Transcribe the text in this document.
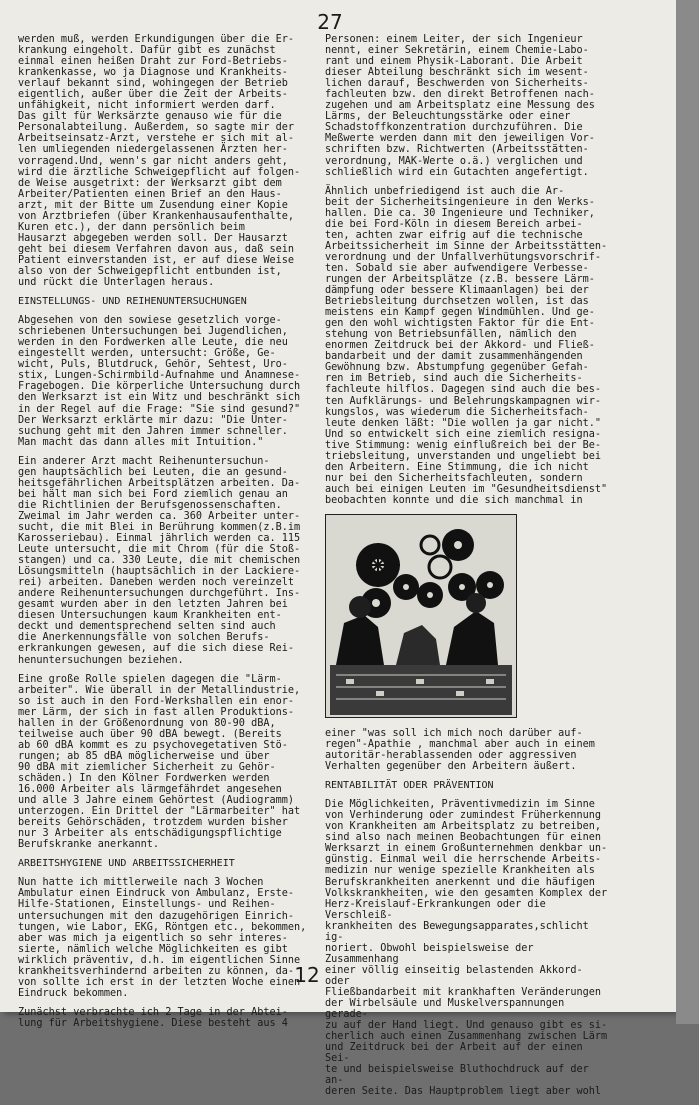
27

werden muß, werden Erkundigungen über die Er-
krankung eingeholt. Dafür gibt es zunächst
einmal einen heißen Draht zur Ford-Betriebs-
krankenkasse, wo ja Diagnose und Krankheits-
verlauf bekannt sind, wohingegen der Betrieb
eigentlich, außer über die Zeit der Arbeits-
unfähigkeit, nicht informiert werden darf.
Das gilt für Werksärzte genauso wie für die
Personalabteilung. Außerdem, so sagte mir der
Arbeitseinsatz-Arzt, verstehe er sich mit al-
len umliegenden niedergelassenen Ärzten her-
vorragend.Und, wenn's gar nicht anders geht,
wird die ärztliche Schweigepflicht auf folgen-
de Weise ausgetrixt: der Werksarzt gibt dem
Arbeiter/Patienten einen Brief an den Haus-
arzt, mit der Bitte um Zusendung einer Kopie
von Arztbriefen (über Krankenhausaufenthalte,
Kuren etc.), der dann persönlich beim
Hausarzt abgegeben werden soll. Der Hausarzt
geht bei diesem Verfahren davon aus, daß sein
Patient einverstanden ist, er auf diese Weise
also von der Schweigepflicht entbunden ist,
und rückt die Unterlagen heraus.

EINSTELLUNGS- UND REIHENUNTERSUCHUNGEN

Abgesehen von den sowiese gesetzlich vorge-
schriebenen Untersuchungen bei Jugendlichen,
werden in den Fordwerken alle Leute, die neu
eingestellt werden, untersucht: Größe, Ge-
wicht, Puls, Blutdruck, Gehör, Sehtest, Uro-
stix, Lungen-Schirmbild-Aufnahme und Anamnese-
Fragebogen. Die körperliche Untersuchung durch
den Werksarzt ist ein Witz und beschränkt sich
in der Regel auf die Frage: "Sie sind gesund?"
Der Werksarzt erklärte mir dazu: "Die Unter-
suchung geht mit den Jahren immer schneller.
Man macht das dann alles mit Intuition."

Ein anderer Arzt macht Reihenuntersuchun-
gen hauptsächlich bei Leuten, die an gesund-
heitsgefährlichen Arbeitsplätzen arbeiten. Da-
bei hält man sich bei Ford ziemlich genau an
die Richtlinien der Berufsgenossenschaften.
Zweimal im Jahr werden ca. 360 Arbeiter unter-
sucht, die mit Blei in Berührung kommen(z.B.im
Karosseriebau). Einmal jährlich werden ca. 115
Leute untersucht, die mit Chrom (für die Stoß-
stangen) und ca. 330 Leute, die mit chemischen
Lösungsmitteln (hauptsächlich in der Lackiere-
rei) arbeiten. Daneben werden noch vereinzelt
andere Reihenuntersuchungen durchgeführt. Ins-
gesamt wurden aber in den letzten Jahren bei
diesen Untersuchungen kaum Krankheiten ent-
deckt und dementsprechend selten sind auch
die Anerkennungsfälle von solchen Berufs-
erkrankungen gewesen, auf die sich diese Rei-
henuntersuchungen beziehen.

Eine große Rolle spielen dagegen die "Lärm-
arbeiter". Wie überall in der Metallindustrie,
so ist auch in den Ford-Werkshallen ein enor-
mer Lärm, der sich in fast allen Produktions-
hallen in der Größenordnung von 80-90 dBA,
teilweise auch über 90 dBA bewegt. (Bereits
ab 60 dBA kommt es zu psychovegetativen Stö-
rungen; ab 85 dBA möglicherweise und über
90 dBA mit ziemlicher Sicherheit zu Gehör-
schäden.) In den Kölner Fordwerken werden
16.000 Arbeiter als lärmgefährdet angesehen
und alle 3 Jahre einem Gehörtest (Audiogramm)
unterzogen. Ein Drittel der "Lärmarbeiter" hat
bereits Gehörschäden, trotzdem wurden bisher
nur 3 Arbeiter als entschädigungspflichtige
Berufskranke anerkannt.

ARBEITSHYGIENE UND ARBEITSSICHERHEIT

Nun hatte ich mittlerweile nach 3 Wochen
Ambulatur einen Eindruck von Ambulanz, Erste-
Hilfe-Stationen, Einstellungs- und Reihen-
untersuchungen mit den dazugehörigen Einrich-
tungen, wie Labor, EKG, Röntgen etc., bekommen,
aber was mich ja eigentlich so sehr interes-
sierte, nämlich welche Möglichkeiten es gibt
wirklich präventiv, d.h. im eigentlichen Sinne
krankheitsverhindernd arbeiten zu können, da-
von sollte ich erst in der letzten Woche einen
Eindruck bekommen.

Zunächst verbrachte ich 2 Tage in der Abtei-
lung für Arbeitshygiene. Diese besteht aus 4

Personen: einem Leiter, der sich Ingenieur
nennt, einer Sekretärin, einem Chemie-Labo-
rant und einem Physik-Laborant. Die Arbeit
dieser Abteilung beschränkt sich im wesent-
lichen darauf, Beschwerden von Sicherheits-
fachleuten bzw. den direkt Betroffenen nach-
zugehen und am Arbeitsplatz eine Messung des
Lärms, der Beleuchtungsstärke oder einer
Schadstoffkonzentration durchzuführen. Die
Meßwerte werden dann mit den jeweiligen Vor-
schriften bzw. Richtwerten (Arbeitsstätten-
verordnung, MAK-Werte o.ä.) verglichen und
schließlich wird ein Gutachten angefertigt.

Ähnlich unbefriedigend ist auch die Ar-
beit der Sicherheitsingenieure in den Werks-
hallen. Die ca. 30 Ingenieure und Techniker,
die bei Ford-Köln in diesem Bereich arbei-
ten, achten zwar eifrig auf die technische
Arbeitssicherheit im Sinne der Arbeitsstätten-
verordnung und der Unfallverhütungsvorschrif-
ten. Sobald sie aber aufwendigere Verbesse-
rungen der Arbeitsplätze (z.B. bessere Lärm-
dämpfung oder bessere Klimaanlagen) bei der
Betriebsleitung durchsetzen wollen, ist das
meistens ein Kampf gegen Windmühlen. Und ge-
gen den wohl wichtigsten Faktor für die Ent-
stehung von Betriebsunfällen, nämlich den
enormen Zeitdruck bei der Akkord- und Fließ-
bandarbeit und der damit zusammenhängenden
Gewöhnung bzw. Abstumpfung gegenüber Gefah-
ren im Betrieb, sind auch die Sicherheits-
fachleute hilflos. Dagegen sind auch die bes-
ten Aufklärungs- und Belehrungskampagnen wir-
kungslos, was wiederum die Sicherheitsfach-
leute denken läßt: "Die wollen ja gar nicht."
Und so entwickelt sich eine ziemlich resigna-
tive Stimmung: wenig einflußreich bei der Be-
triebsleitung, unverstanden und ungeliebt bei
den Arbeitern. Eine Stimmung, die ich nicht
nur bei den Sicherheitsfachleuten, sondern
auch bei einigen Leuten im "Gesundheitsdienst"
beobachten konnte und die sich manchmal in

einer "was soll ich mich noch darüber auf-
regen"-Apathie , manchmal aber auch in einem
autoritär-herablassenden oder aggressiven
Verhalten gegenüber den Arbeitern äußert.

RENTABILITÄT ODER PRÄVENTION

Die Möglichkeiten, Präventivmedizin im Sinne
von Verhinderung oder zumindest Früherkennung
von Krankheiten am Arbeitsplatz zu betreiben,
sind also nach meinen Beobachtungen für einen
Werksarzt in einem Großunternehmen denkbar un-
günstig. Einmal weil die herrschende Arbeits-
medizin nur wenige spezielle Krankheiten als
Berufskrankheiten anerkennt und die häufigen
Volkskrankheiten, wie den gesamten Komplex der
Herz-Kreislauf-Erkrankungen oder die Verschleiß-
krankheiten des Bewegungsapparates,schlicht ig-
noriert. Obwohl beispielsweise der Zusammenhang
einer völlig einseitig belastenden Akkord- oder
Fließbandarbeit mit krankhaften Veränderungen
der Wirbelsäule und Muskelverspannungen gerade-
zu auf der Hand liegt. Und genauso gibt es si-
cherlich auch einen Zusammenhang zwischen Lärm
und Zeitdruck bei der Arbeit auf der einen Sei-
te und beispielsweise Bluthochdruck auf der an-
deren Seite. Das Hauptproblem liegt aber wohl

12
